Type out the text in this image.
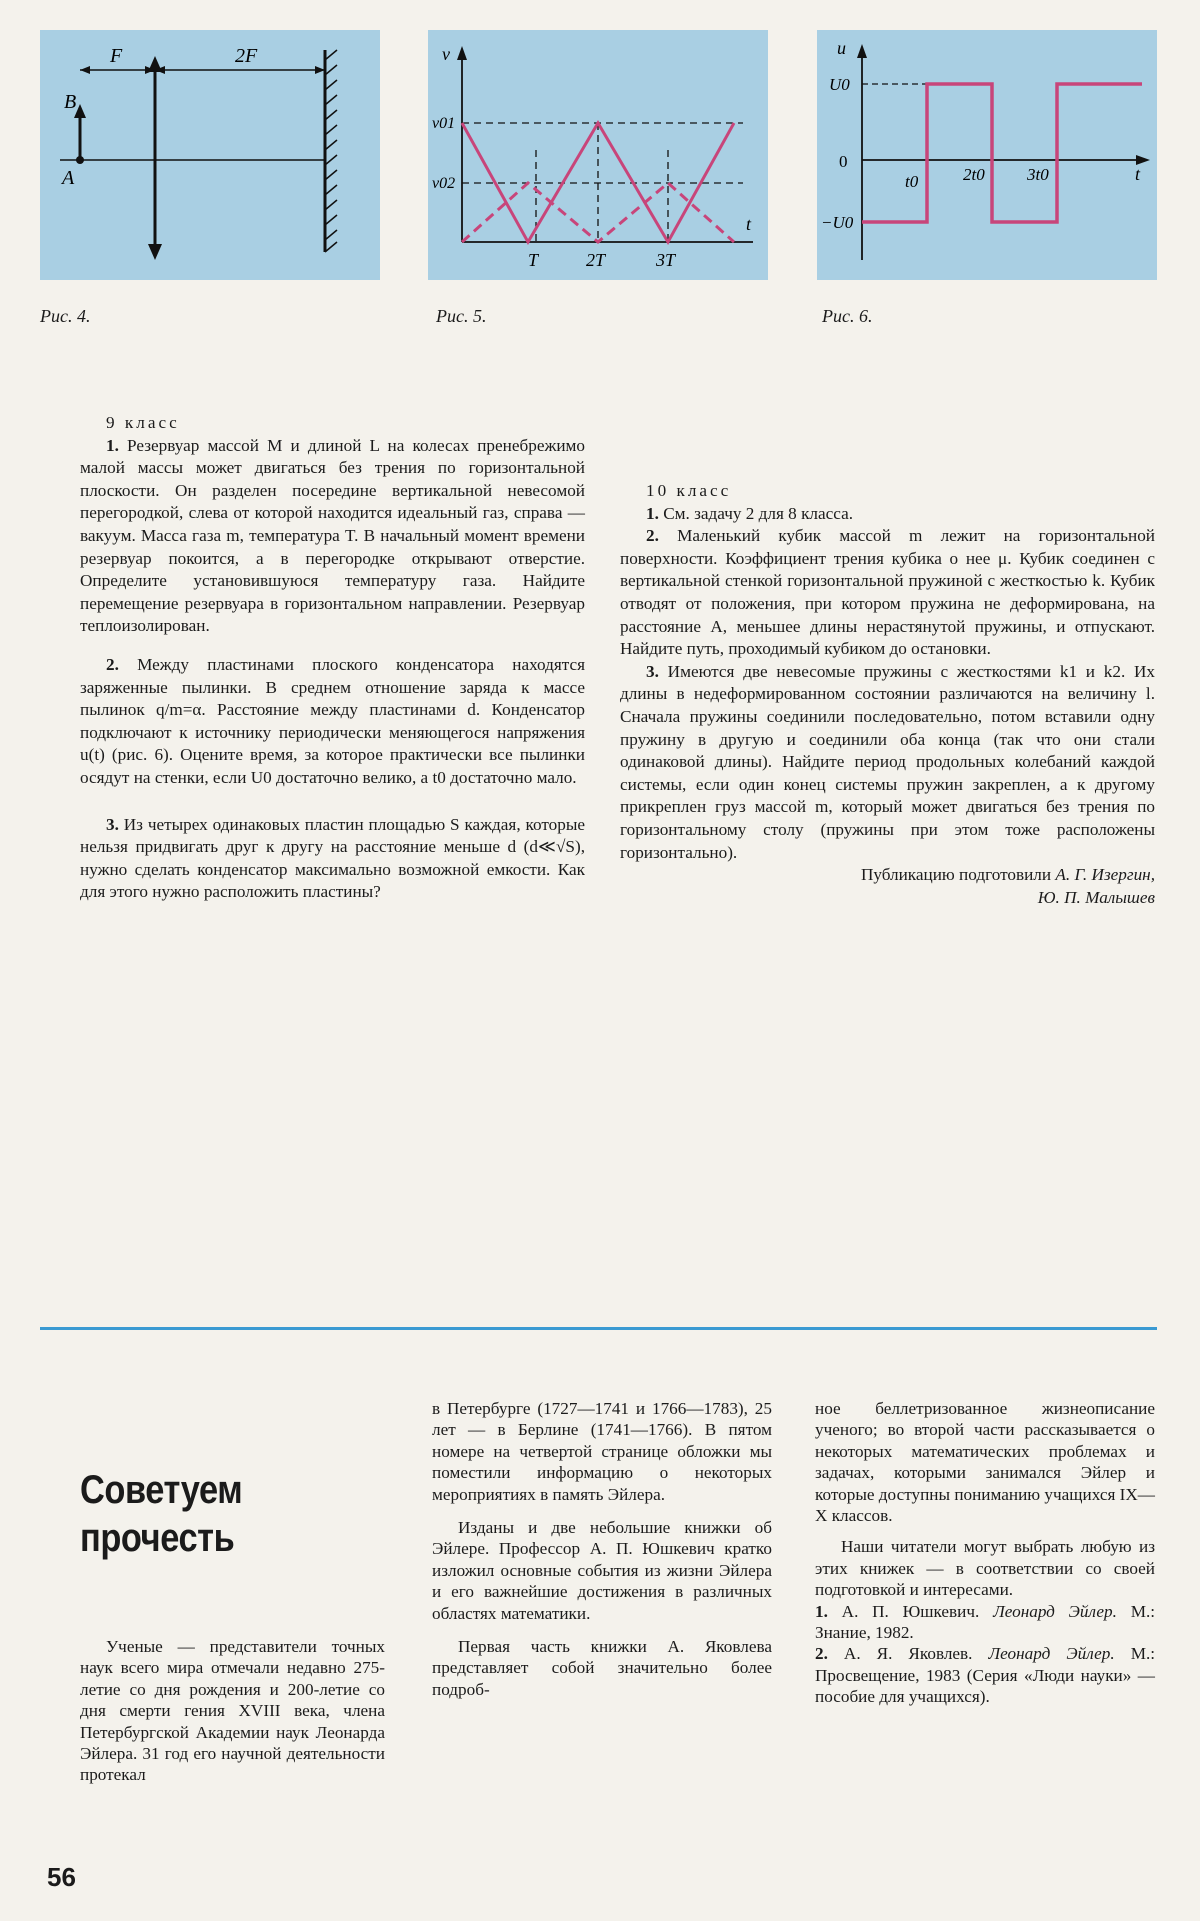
F	2F
B
A
Рис. 4.
v
t
v01
v02
T	2T	3T
Рис. 5.
u
t
U0
0
−U0
t0	2t0 3t0
Рис. 6.

9 класс

1. Резервуар массой M и длиной L на колесах пренебрежимо малой массы может двигаться без трения по горизонтальной плоскости. Он разделен посередине вертикальной невесомой перегородкой, слева от которой находится идеальный газ, справа — вакуум. Масса газа m, температура T. В начальный момент времени резервуар покоится, а в перегородке открывают отверстие. Определите установившуюся температуру газа. Найдите перемещение резервуара в горизонтальном направлении. Резервуар теплоизолирован.

2. Между пластинами плоского конденсатора находятся заряженные пылинки. В среднем отношение заряда к массе пылинок q/m=α. Расстояние между пластинами d. Конденсатор подключают к источнику периодически меняющегося напряжения u(t) (рис. 6). Оцените время, за которое практически все пылинки осядут на стенки, если U0 достаточно велико, а t0 достаточно мало.

3. Из четырех одинаковых пластин площадью S каждая, которые нельзя придвигать друг к другу на расстояние меньше d (d≪√S), нужно сделать конденсатор максимально возможной емкости. Как для этого нужно расположить пластины?

10 класс

1. См. задачу 2 для 8 класса.

2. Маленький кубик массой m лежит на горизонтальной поверхности. Коэффициент трения кубика о нее μ. Кубик соединен с вертикальной стенкой горизонтальной пружиной с жесткостью k. Кубик отводят от положения, при котором пружина не деформирована, на расстояние A, меньшее длины нерастянутой пружины, и отпускают. Найдите путь, проходимый кубиком до остановки.

3. Имеются две невесомые пружины с жесткостями k1 и k2. Их длины в недеформированном состоянии различаются на величину l. Сначала пружины соединили последовательно, потом вставили одну пружину в другую и соединили оба конца (так что они стали одинаковой длины). Найдите период продольных колебаний каждой системы, если один конец системы пружин закреплен, а к другому прикреплен груз массой m, который может двигаться без трения по горизонтальному столу (пружины при этом тоже расположены горизонтально).

Публикацию подготовили А. Г. Изергин,

Ю. П. Малышев

Советуем прочесть

Ученые — представители точных наук всего мира отмечали недавно 275-летие со дня рождения и 200-летие со дня смерти гения XVIII века, члена Петербургской Академии наук Леонарда Эйлера. 31 год его научной деятельности протекал

в Петербурге (1727—1741 и 1766—1783), 25 лет — в Берлине (1741—1766). В пятом номере на четвертой странице обложки мы поместили информацию о некоторых мероприятиях в память Эйлера.

Изданы и две небольшие книжки об Эйлере. Профессор А. П. Юшкевич кратко изложил основные события из жизни Эйлера и его важнейшие достижения в различных областях математики.

Первая часть книжки А. Яковлева представляет собой значительно более подроб-

ное беллетризованное жизнеописание ученого; во второй части рассказывается о некоторых математических проблемах и задачах, которыми занимался Эйлер и которые доступны пониманию учащихся IX—X классов.

Наши читатели могут выбрать любую из этих книжек — в соответствии со своей подготовкой и интересами.

1. А. П. Юшкевич. Леонард Эйлер. М.: Знание, 1982.

2. А. Я. Яковлев. Леонард Эйлер. М.: Просвещение, 1983 (Серия «Люди науки» — пособие для учащихся).

56
